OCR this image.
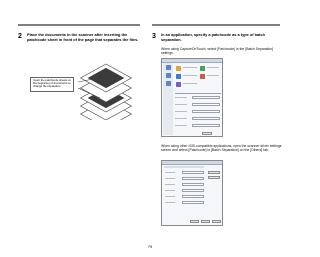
2	Place the documents in the scanner after inserting the patchcode sheet in front of the page that separates the files.
Insert the patchcode sheets at the beginning of documents to change file separation.
3	In an application, specify a patchcode as a type of batch separation.
When using CaptureOnTouch, select [Patchcode] in the [Batch Separation] settings.
When using other ISIS-compatible applications, open the scanner driver settings screen and select [Patchcode] in [Batch Separation] on the [Others] tab.
79
